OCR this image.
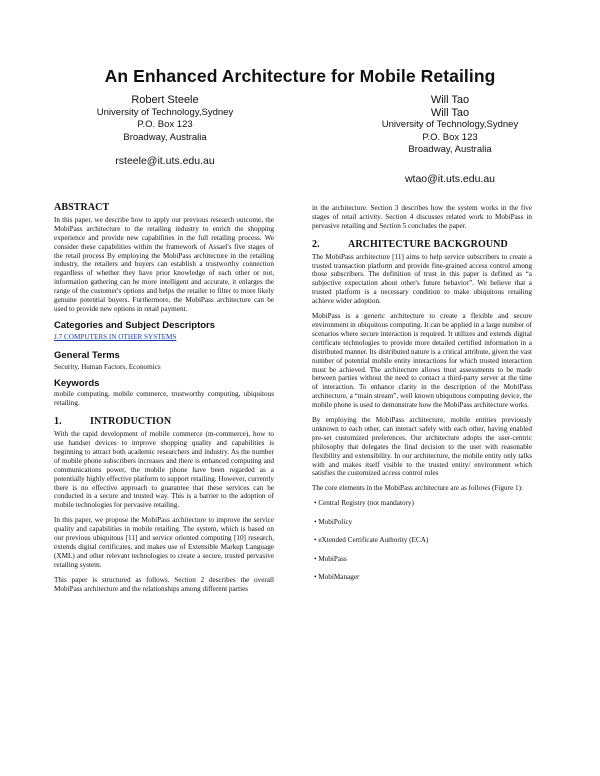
An Enhanced Architecture for Mobile Retailing
Robert Steele
University of Technology,Sydney
P.O. Box 123
Broadway, Australia
rsteele@it.uts.edu.au
Will Tao
Will Tao
University of Technology,Sydney
P.O. Box 123
Broadway, Australia
wtao@it.uts.edu.au
ABSTRACT

In this paper, we describe how to apply our previous research outcome, the MobiPass architecture to the retailing industry to enrich the shopping experience and provide new capabilities in the full retailing process. We consider these capabilities within the framework of Assael's five stages of the retail process By employing the MobiPass architecture in the retailing industry, the retailers and buyers can establish a trustworthy connection regardless of whether they have prior knowledge of each other or not, information gathering can be more intelligent and accurate, it enlarges the range of the customer's options and helps the retailer to filter to more likely genuine potential buyers. Furthermore, the MobiPass architecture can be used to provide new options in retail payment.

Categories and Subject Descriptors
J.7 COMPUTERS IN OTHER SYSTEMS
General Terms

Security, Human Factors, Economics

Keywords

mobile computing, mobile commerce, trustworthy computing, ubiquitous retailing.

1.	INTRODUCTION

With the rapid development of mobile commerce (m-commerce), how to use handset devices to improve shopping quality and capabilities is beginning to attract both academic researchers and industry. As the number of mobile phone subscribers increases and there is enhanced computing and communications power, the mobile phone have been regarded as a potentially highly effective platform to support retailing. However, currently there is no effective approach to guarantee that these services can be conducted in a secure and trusted way. This is a barrier to the adoption of mobile technologies for pervasive retailing.

In this paper, we propose the MobiPass architecture to improve the service quality and capabilities in mobile retailing. The system, which is based on our previous ubiquitous [11] and service oriented computing [10] research, extends digital certificates, and makes use of Extensible Markup Language (XML) and other relevant technologies to create a secure, trusted pervasive retailing system.

This paper is structured as follows. Section 2 describes the overall MobiPass architecture and the relationships among different parties

in the architecture. Section 3 describes how the system works in the five stages of retail activity. Section 4 discusses related work to MobiPass in pervasive retailing and Section 5 concludes the paper.

2.	ARCHITECTURE BACKGROUND

The MobiPass architecture [11] aims to help service subscribers to create a trusted transaction platform and provide fine-grained access control among those subscribers. The definition of trust in this paper is defined as “a subjective expectation about other's future behavior”. We believe that a trusted platform is a necessary condition to make ubiquitous retailing achieve wider adoption.

MobiPass is a generic architecture to create a flexible and secure environment in ubiquitous computing. It can be applied in a large number of scenarios where secure interaction is required. It utilizes and extends digital certificate technologies to provide more detailed certified information in a distributed manner. Its distributed nature is a critical attribute, given the vast number of potential mobile entity interactions for which trusted interaction must be achieved. The architecture allows trust assessments to be made between parties without the need to contact a third-party server at the time of interaction. To enhance clarity in the description of the MobiPass architecture, a “main stream”, well known ubiquitous computing device, the mobile phone is used to demonstrate how the MobiPass architecture works.

By employing the MobiPass architecture, mobile entities previously unknown to each other, can interact safely with each other, having enabled pre-set customized preferences. Our architecture adopts the user-centric philosophy that delegates the final decision to the user with reasonable flexibility and extensibility. In our architecture, the mobile entity only talks with and makes itself visible to the trusted entity/ environment which satisfies the customized access control rules

The core elements in the MobiPass architecture are as follows (Figure 1):

• Central Registry (not mandatory)
• MobiPolicy
• eXtended Certificate Authority (ECA)
• MobiPass
• MobiManager
